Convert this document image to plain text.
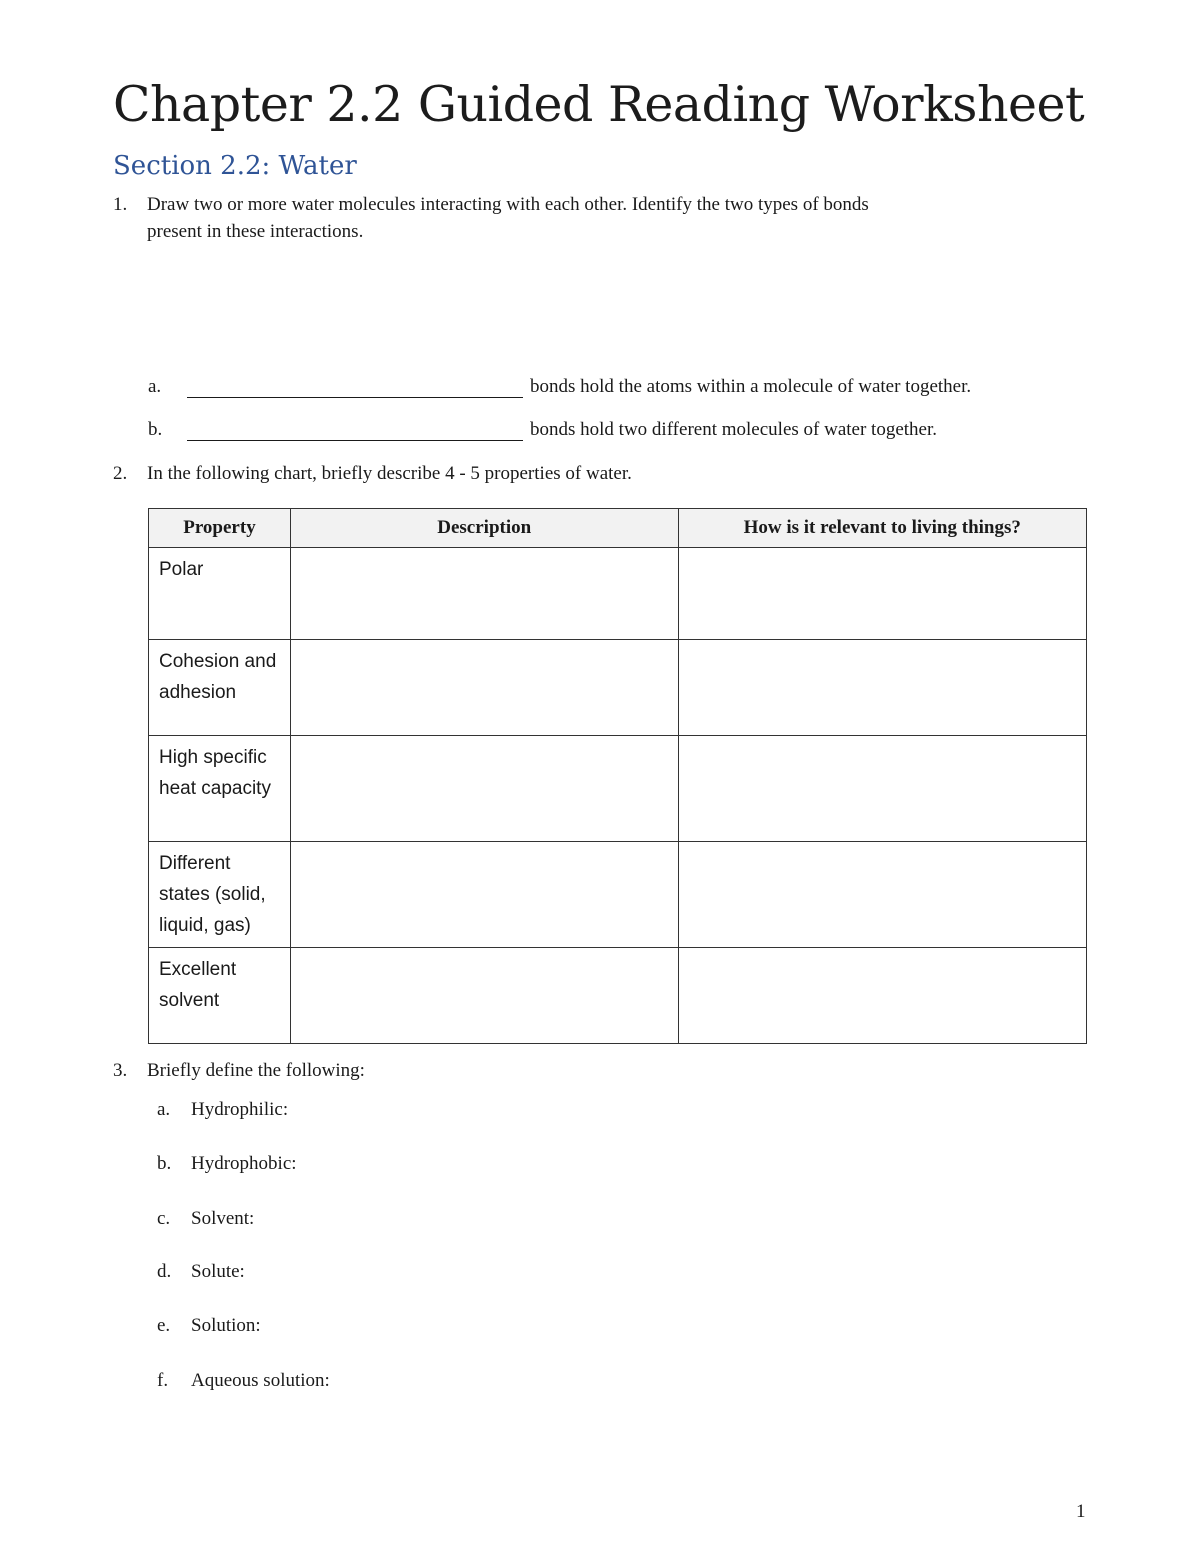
Chapter 2.2 Guided Reading Worksheet
Section 2.2: Water
1. Draw two or more water molecules interacting with each other. Identify the two types of bonds
present in these interactions.
a.	bonds hold the atoms within a molecule of water together.
b.	bonds hold two different molecules of water together.
2. In the following chart, briefly describe 4 - 5 properties of water.
Property	Description	How is it relevant to living things?
Polar		
Cohesion and adhesion		
High specific heat capacity		
Different states (solid, liquid, gas)		
Excellent solvent		
3. Briefly define the following:
a. Hydrophilic:
b. Hydrophobic:
c. Solvent:
d. Solute:
e. Solution:
f. Aqueous solution:
1
